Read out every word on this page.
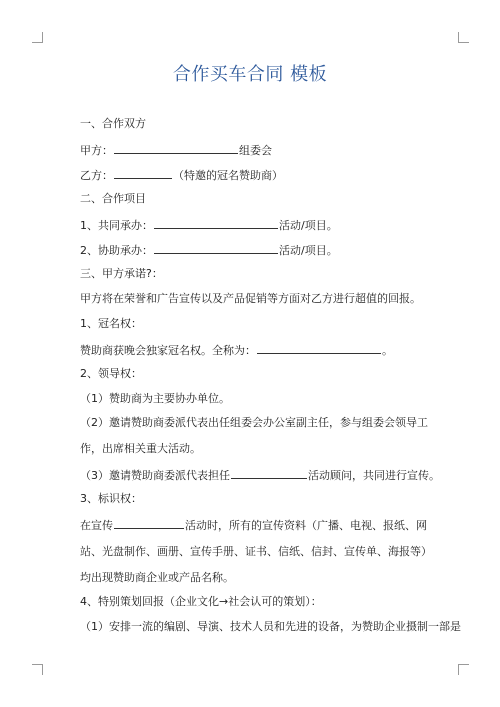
合作买车合同 模板
一、合作双方
甲方：	组委会
乙方：	（特邀的冠名赞助商）
二、合作项目
1、共同承办：	活动/项目。
2、协助承办：	活动/项目。
三、甲方承诺?：
甲方将在荣誉和广告宣传以及产品促销等方面对乙方进行超值的回报。
1、冠名权：
赞助商获晚会独家冠名权。全称为：	。
2、领导权：
（1）赞助商为主要协办单位。
（2）邀请赞助商委派代表出任组委会办公室副主任，参与组委会领导工作，出席相关重大活动。
（3）邀请赞助商委派代表担任	活动顾问，共同进行宣传。
3、标识权：
在宣传	活动时，所有的宣传资料（广播、电视、报纸、网站、光盘制作、画册、宣传手册、证书、信纸、信封、宣传单、海报等）均出现赞助商企业或产品名称。
4、特别策划回报（企业文化→社会认可的策划）：
（1）安排一流的编剧、导演、技术人员和先进的设备，为赞助企业摄制一部是
